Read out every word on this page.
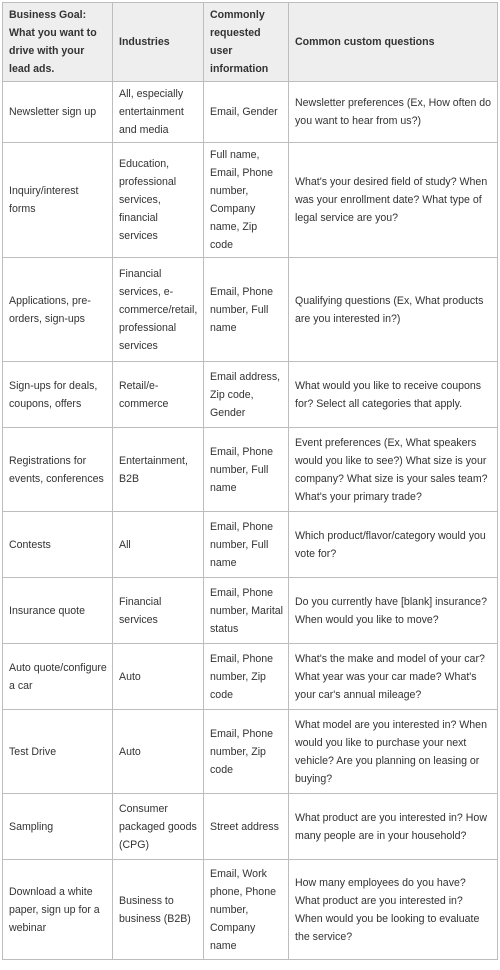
Business Goal: What you want to drive with your lead ads.	Industries	Commonly requested user information	Common custom questions
Newsletter sign up	All, especially entertainment and media	Email, Gender	Newsletter preferences (Ex, How often do you want to hear from us?)
Inquiry/interest forms	Education, professional services, financial services	Full name, Email, Phone number, Company name, Zip code	What's your desired field of study? When was your enrollment date? What type of legal service are you?
Applications, pre-orders, sign-ups	Financial services, e-commerce/retail, professional services	Email, Phone number, Full name	Qualifying questions (Ex, What products are you interested in?)
Sign-ups for deals, coupons, offers	Retail/e-commerce	Email address, Zip code, Gender	What would you like to receive coupons for? Select all categories that apply.
Registrations for events, conferences	Entertainment, B2B	Email, Phone number, Full name	Event preferences (Ex, What speakers would you like to see?) What size is your company? What size is your sales team? What's your primary trade?
Contests	All	Email, Phone number, Full name	Which product/flavor/category would you vote for?
Insurance quote	Financial services	Email, Phone number, Marital status	Do you currently have [blank] insurance? When would you like to move?
Auto quote/configure a car	Auto	Email, Phone number, Zip code	What's the make and model of your car? What year was your car made? What's your car's annual mileage?
Test Drive	Auto	Email, Phone number, Zip code	What model are you interested in? When would you like to purchase your next vehicle? Are you planning on leasing or buying?
Sampling	Consumer packaged goods (CPG)	Street address	What product are you interested in? How many people are in your household?
Download a white paper, sign up for a webinar	Business to business (B2B)	Email, Work phone, Phone number, Company name	How many employees do you have? What product are you interested in? When would you be looking to evaluate the service?
